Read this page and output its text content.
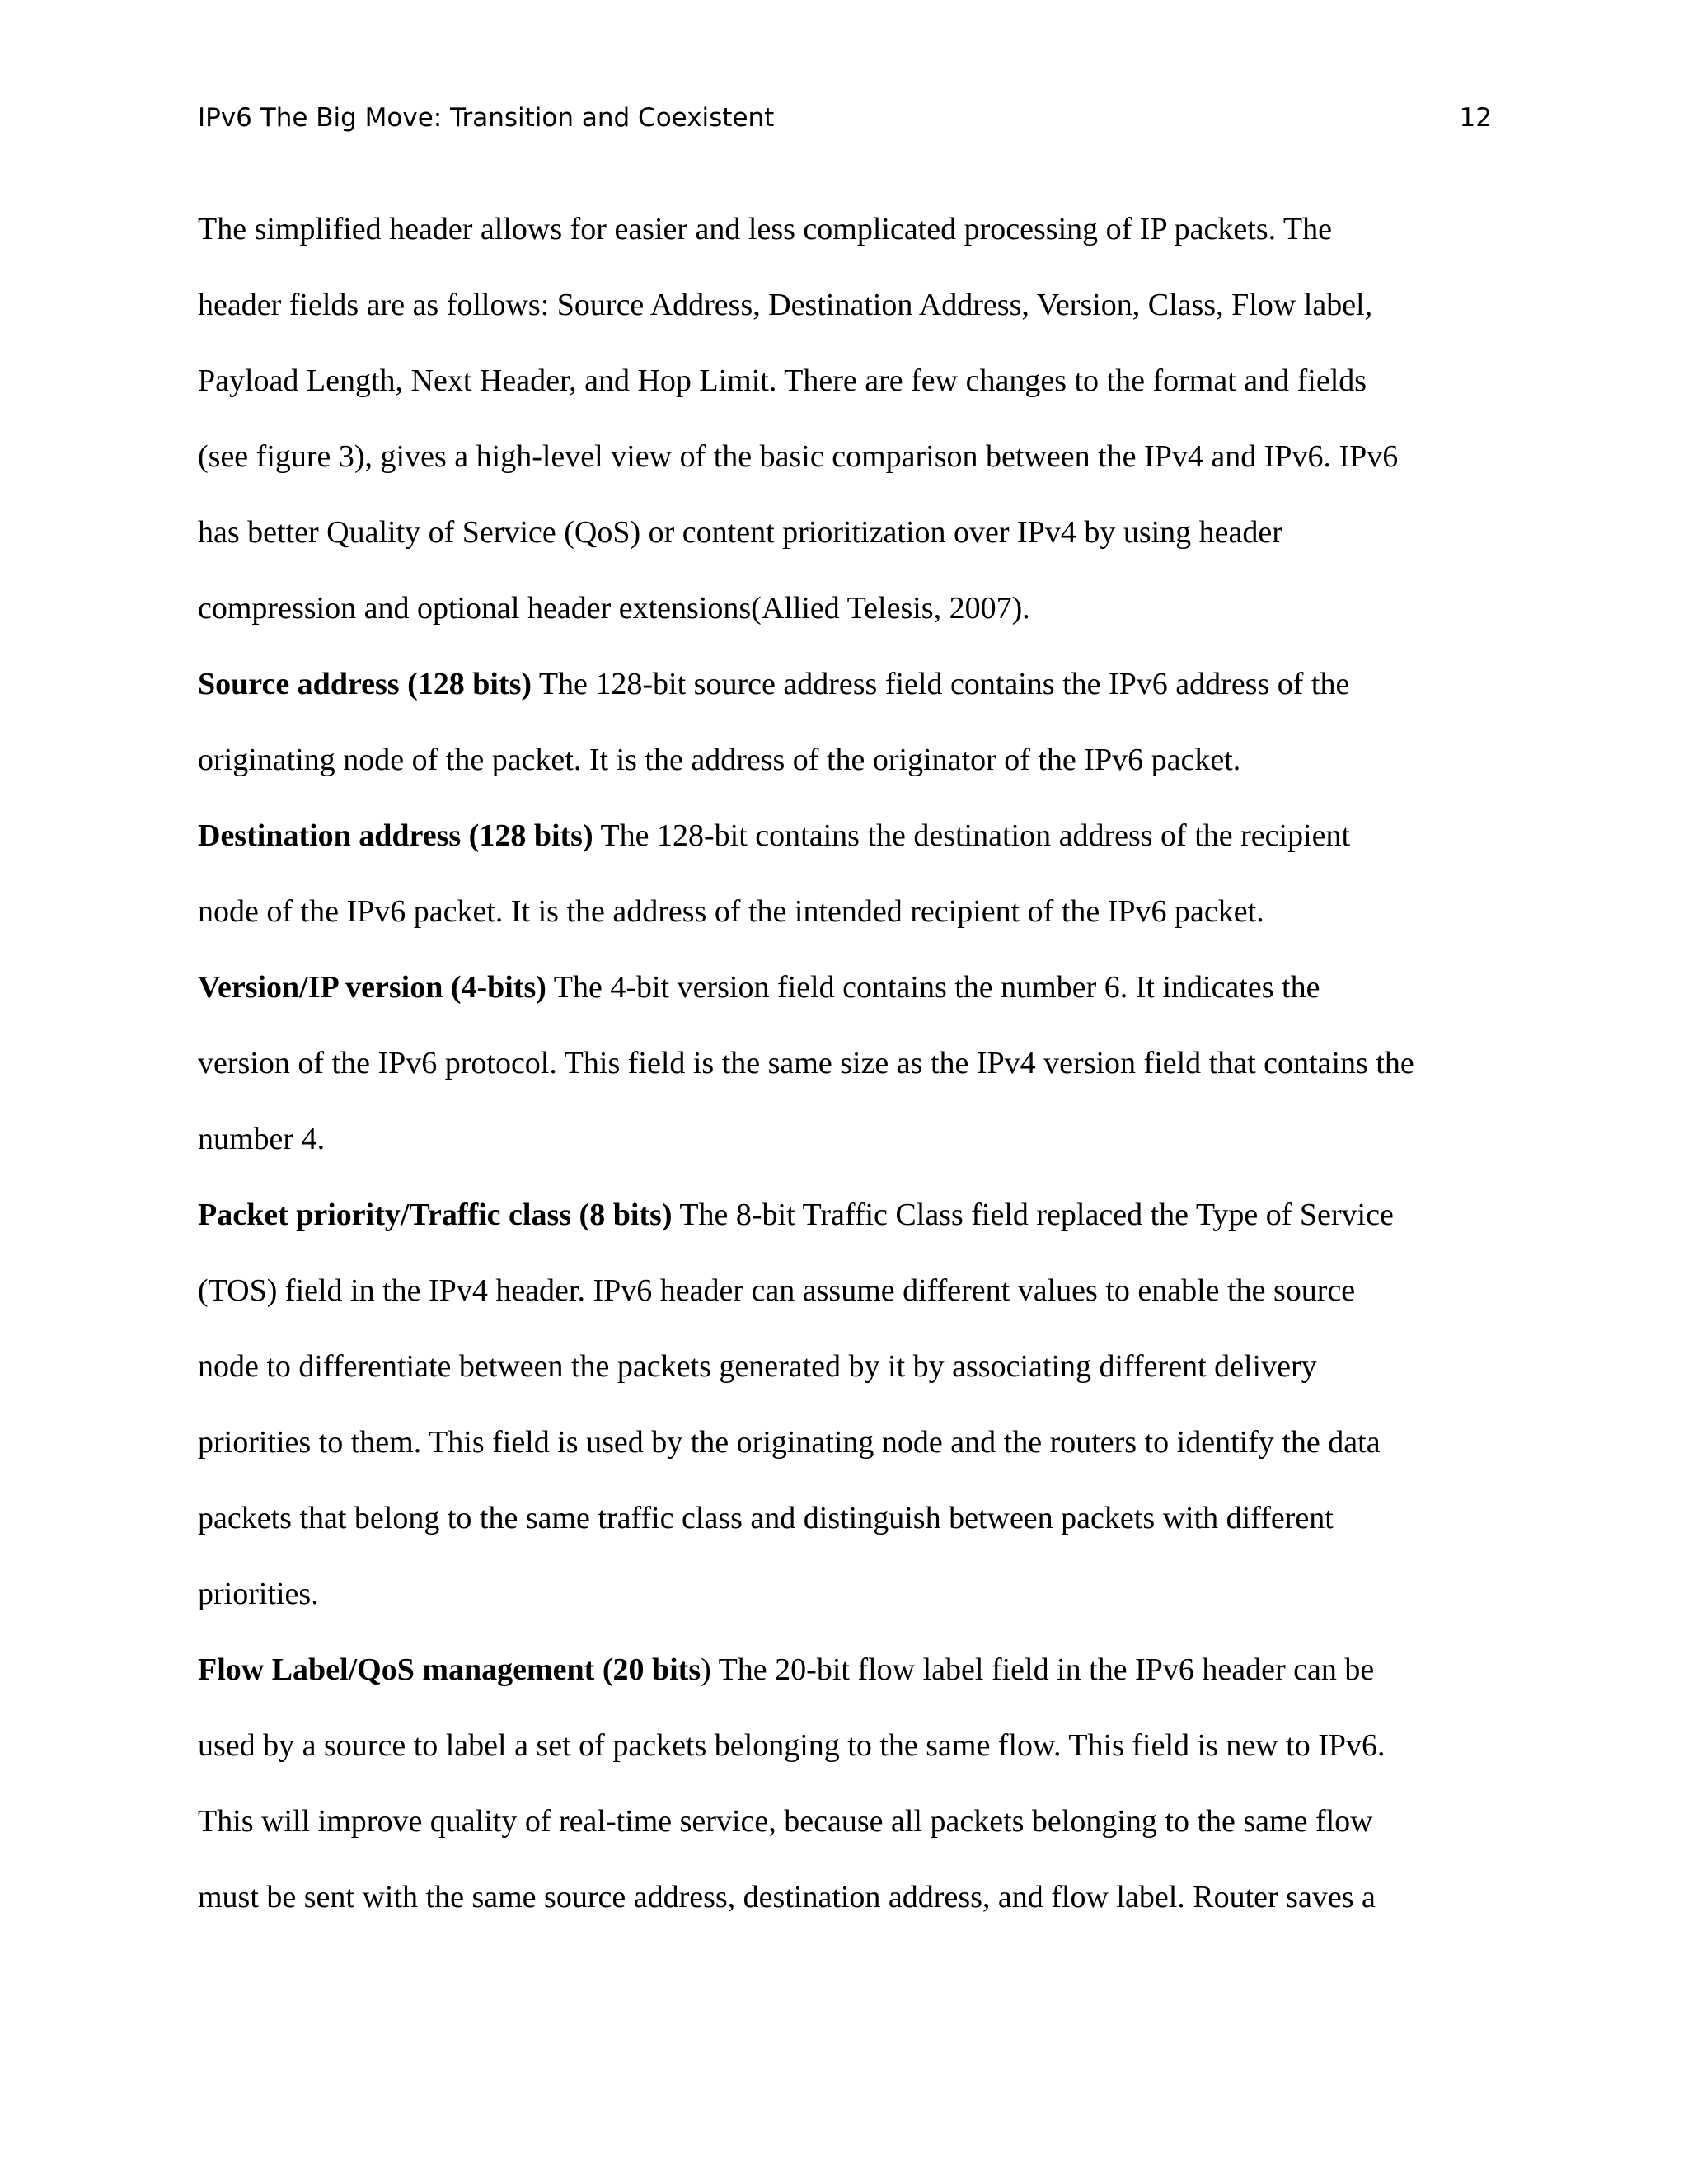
IPv6 The Big Move: Transition and Coexistent	12
The simplified header allows for easier and less complicated processing of IP packets. The
header fields are as follows: Source Address, Destination Address, Version, Class, Flow label,
Payload Length, Next Header, and Hop Limit. There are few changes to the format and fields
(see figure 3), gives a high-level view of the basic comparison between the IPv4 and IPv6. IPv6
has better Quality of Service (QoS) or content prioritization over IPv4 by using header
compression and optional header extensions(Allied Telesis, 2007).
Source address (128 bits) The 128-bit source address field contains the IPv6 address of the
originating node of the packet. It is the address of the originator of the IPv6 packet.
Destination address (128 bits) The 128-bit contains the destination address of the recipient
node of the IPv6 packet. It is the address of the intended recipient of the IPv6 packet.
Version/IP version (4-bits) The 4-bit version field contains the number 6. It indicates the
version of the IPv6 protocol. This field is the same size as the IPv4 version field that contains the
number 4.
Packet priority/Traffic class (8 bits) The 8-bit Traffic Class field replaced the Type of Service
(TOS) field in the IPv4 header. IPv6 header can assume different values to enable the source
node to differentiate between the packets generated by it by associating different delivery
priorities to them. This field is used by the originating node and the routers to identify the data
packets that belong to the same traffic class and distinguish between packets with different
priorities.
Flow Label/QoS management (20 bits) The 20-bit flow label field in the IPv6 header can be
used by a source to label a set of packets belonging to the same flow. This field is new to IPv6.
This will improve quality of real-time service, because all packets belonging to the same flow
must be sent with the same source address, destination address, and flow label. Router saves a
